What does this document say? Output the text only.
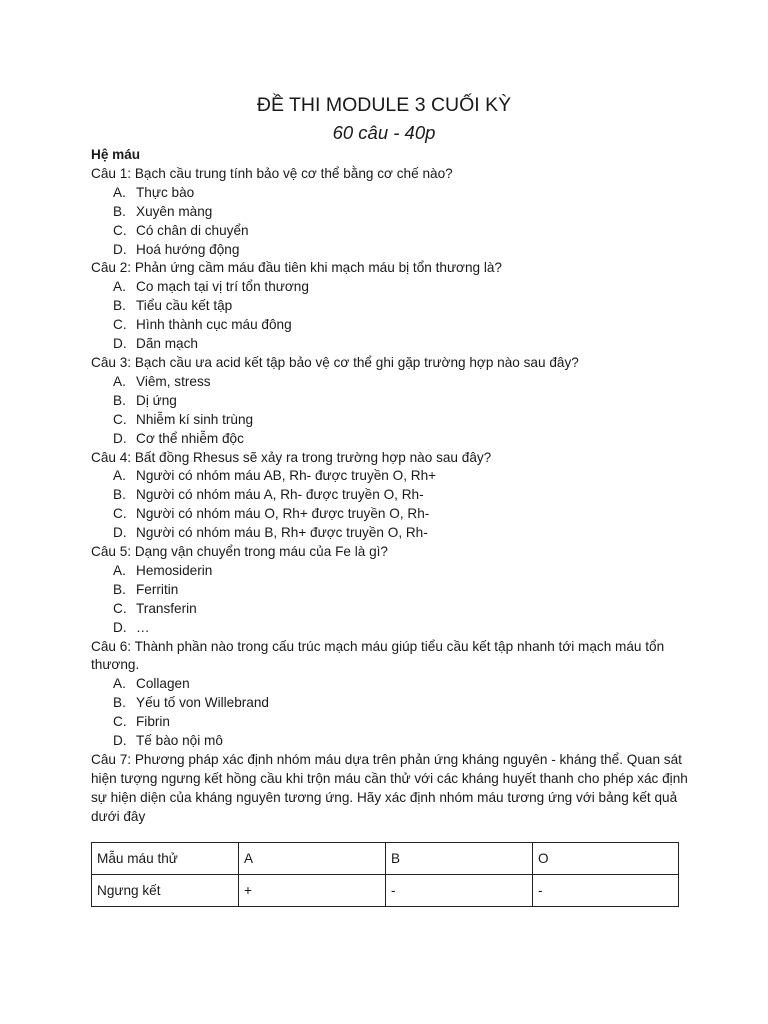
ĐỀ THI MODULE 3 CUỐI KỲ
60 câu - 40p
Hệ máu
Câu 1: Bạch cầu trung tính bảo vệ cơ thể bằng cơ chế nào?
A. Thực bào
B. Xuyên màng
C. Có chân di chuyển
D. Hoá hướng động
Câu 2: Phản ứng cầm máu đầu tiên khi mạch máu bị tổn thương là?
A. Co mạch tại vị trí tổn thương
B. Tiểu cầu kết tập
C. Hình thành cục máu đông
D. Dãn mạch
Câu 3: Bạch cầu ưa acid kết tập bảo vệ cơ thể ghi gặp trường hợp nào sau đây?
A. Viêm, stress
B. Dị ứng
C. Nhiễm kí sinh trùng
D. Cơ thể nhiễm độc
Câu 4: Bất đồng Rhesus sẽ xảy ra trong trường hợp nào sau đây?
A. Người có nhóm máu AB, Rh- được truyền O, Rh+
B. Người có nhóm máu A, Rh- được truyền O, Rh-
C. Người có nhóm máu O, Rh+ được truyền O, Rh-
D. Người có nhóm máu B, Rh+ được truyền O, Rh-
Câu 5: Dạng vận chuyển trong máu của Fe là gì?
A. Hemosiderin
B. Ferritin
C. Transferin
D. …
Câu 6: Thành phần nào trong cấu trúc mạch máu giúp tiểu cầu kết tập nhanh tới mạch máu tổn thương.
A. Collagen
B. Yếu tố von Willebrand
C. Fibrin
D. Tế bào nội mô
Câu 7: Phương pháp xác định nhóm máu dựa trên phản ứng kháng nguyên - kháng thể. Quan sát hiện tượng ngưng kết hồng cầu khi trộn máu cần thử với các kháng huyết thanh cho phép xác định sự hiện diện của kháng nguyên tương ứng. Hãy xác định nhóm máu tương ứng với bảng kết quả dưới đây
Mẫu máu thử	A	B	O
Ngưng kết	+	-	-
